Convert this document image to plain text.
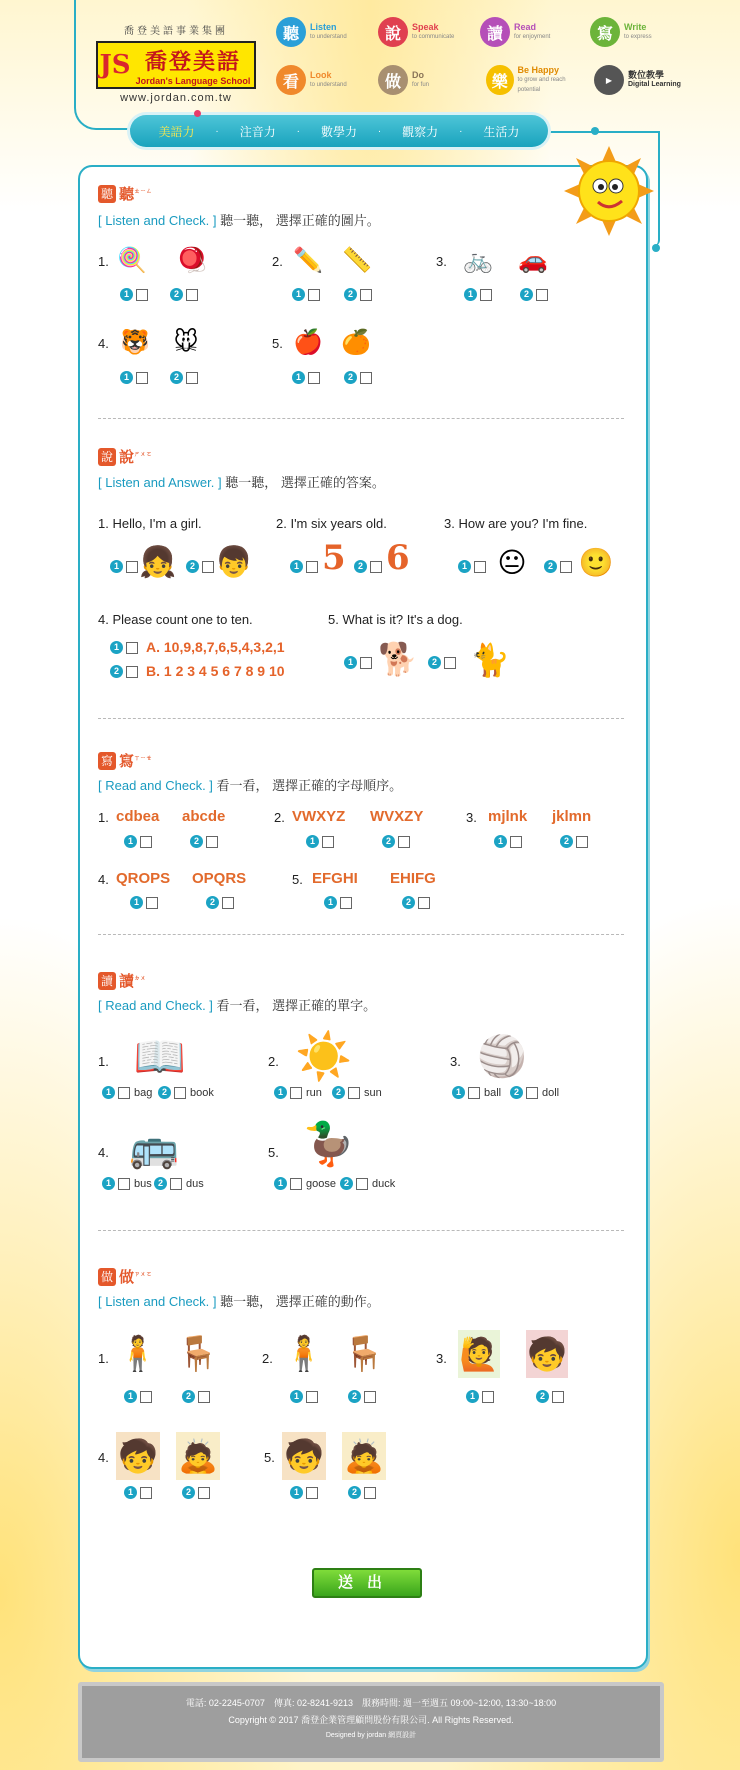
喬登美語事業集團
JS 喬登美語
Jordan's Language School
www.jordan.com.tw
聽	Listen
to understand	說	Speak
to communicate	讀	Read
for enjoyment	寫	Write
to express
看	Look
to understand	做	Do
for fun	樂
Be Happy
to grow and reach potential
▶	數位教學
Digital Learning
美語力 · 注音力 · 數學力 · 觀察力 · 生活力
聽 聽$^{ㄊㄧㄥ}$
[ Listen and Check. ] 聽一聽， 選擇正確的圖片。
1. 🍭	🪀
1	2
2. ✏️ 📏
1	2
3. 🚲 🚗
1	2
4. 🐯 🐭
1	2
5. 🍎 🍊
1	2
說 說$^{ㄕㄨㄛ}$
[ Listen and Answer. ] 聽一聽， 選擇正確的答案。
1. Hello, I'm a girl.
1 👧	2 👦
2. I'm six years old.
1 5	2 6
3. How are you? I'm fine.
1 😐	2 🙂
4. Please count one to ten.
1 A. 10,9,8,7,6,5,4,3,2,1
2 B. 1 2 3 4 5 6 7 8 9 10
5. What is it? It's a dog.
1 🐕	2	🐈
寫 寫$^{ㄒㄧㄝ}$
[ Read and Check. ] 看一看， 選擇正確的字母順序。
1. cdbea abcde
1	2
2. VWXYZ WVXZY
1	2
3. mjlnk jklmn
1	2
4. QROPS OPQRS
1	2
5. EFGHI EHIFG
1	2
讀 讀$^{ㄉㄨ}$
[ Read and Check. ] 看一看， 選擇正確的單字。
1. 📖
1	bag	2	book
2. ☀️
1	run	2	sun
3. 🏐
1	ball	2	doll
4. 🚌
1	bus 2	dus
5. 🦆
1	goose 2	duck
做 做$^{ㄗㄨㄛ}$
[ Listen and Check. ] 聽一聽， 選擇正確的動作。
1. 🧍 🪑
1	2
2. 🧍 🪑
1	2
3. 🙋 🧒
1	2
4. 🧒 🙇
1	2
5. 🧒 🙇
1	2
送出
電話: 02-2245-0707　傳真: 02-8241-9213　服務時間: 週一至週五 09:00~12:00, 13:30~18:00
Copyright © 2017 喬登企業管理顧問股份有限公司. All Rights Reserved.
Designed by jordan 網頁設計
